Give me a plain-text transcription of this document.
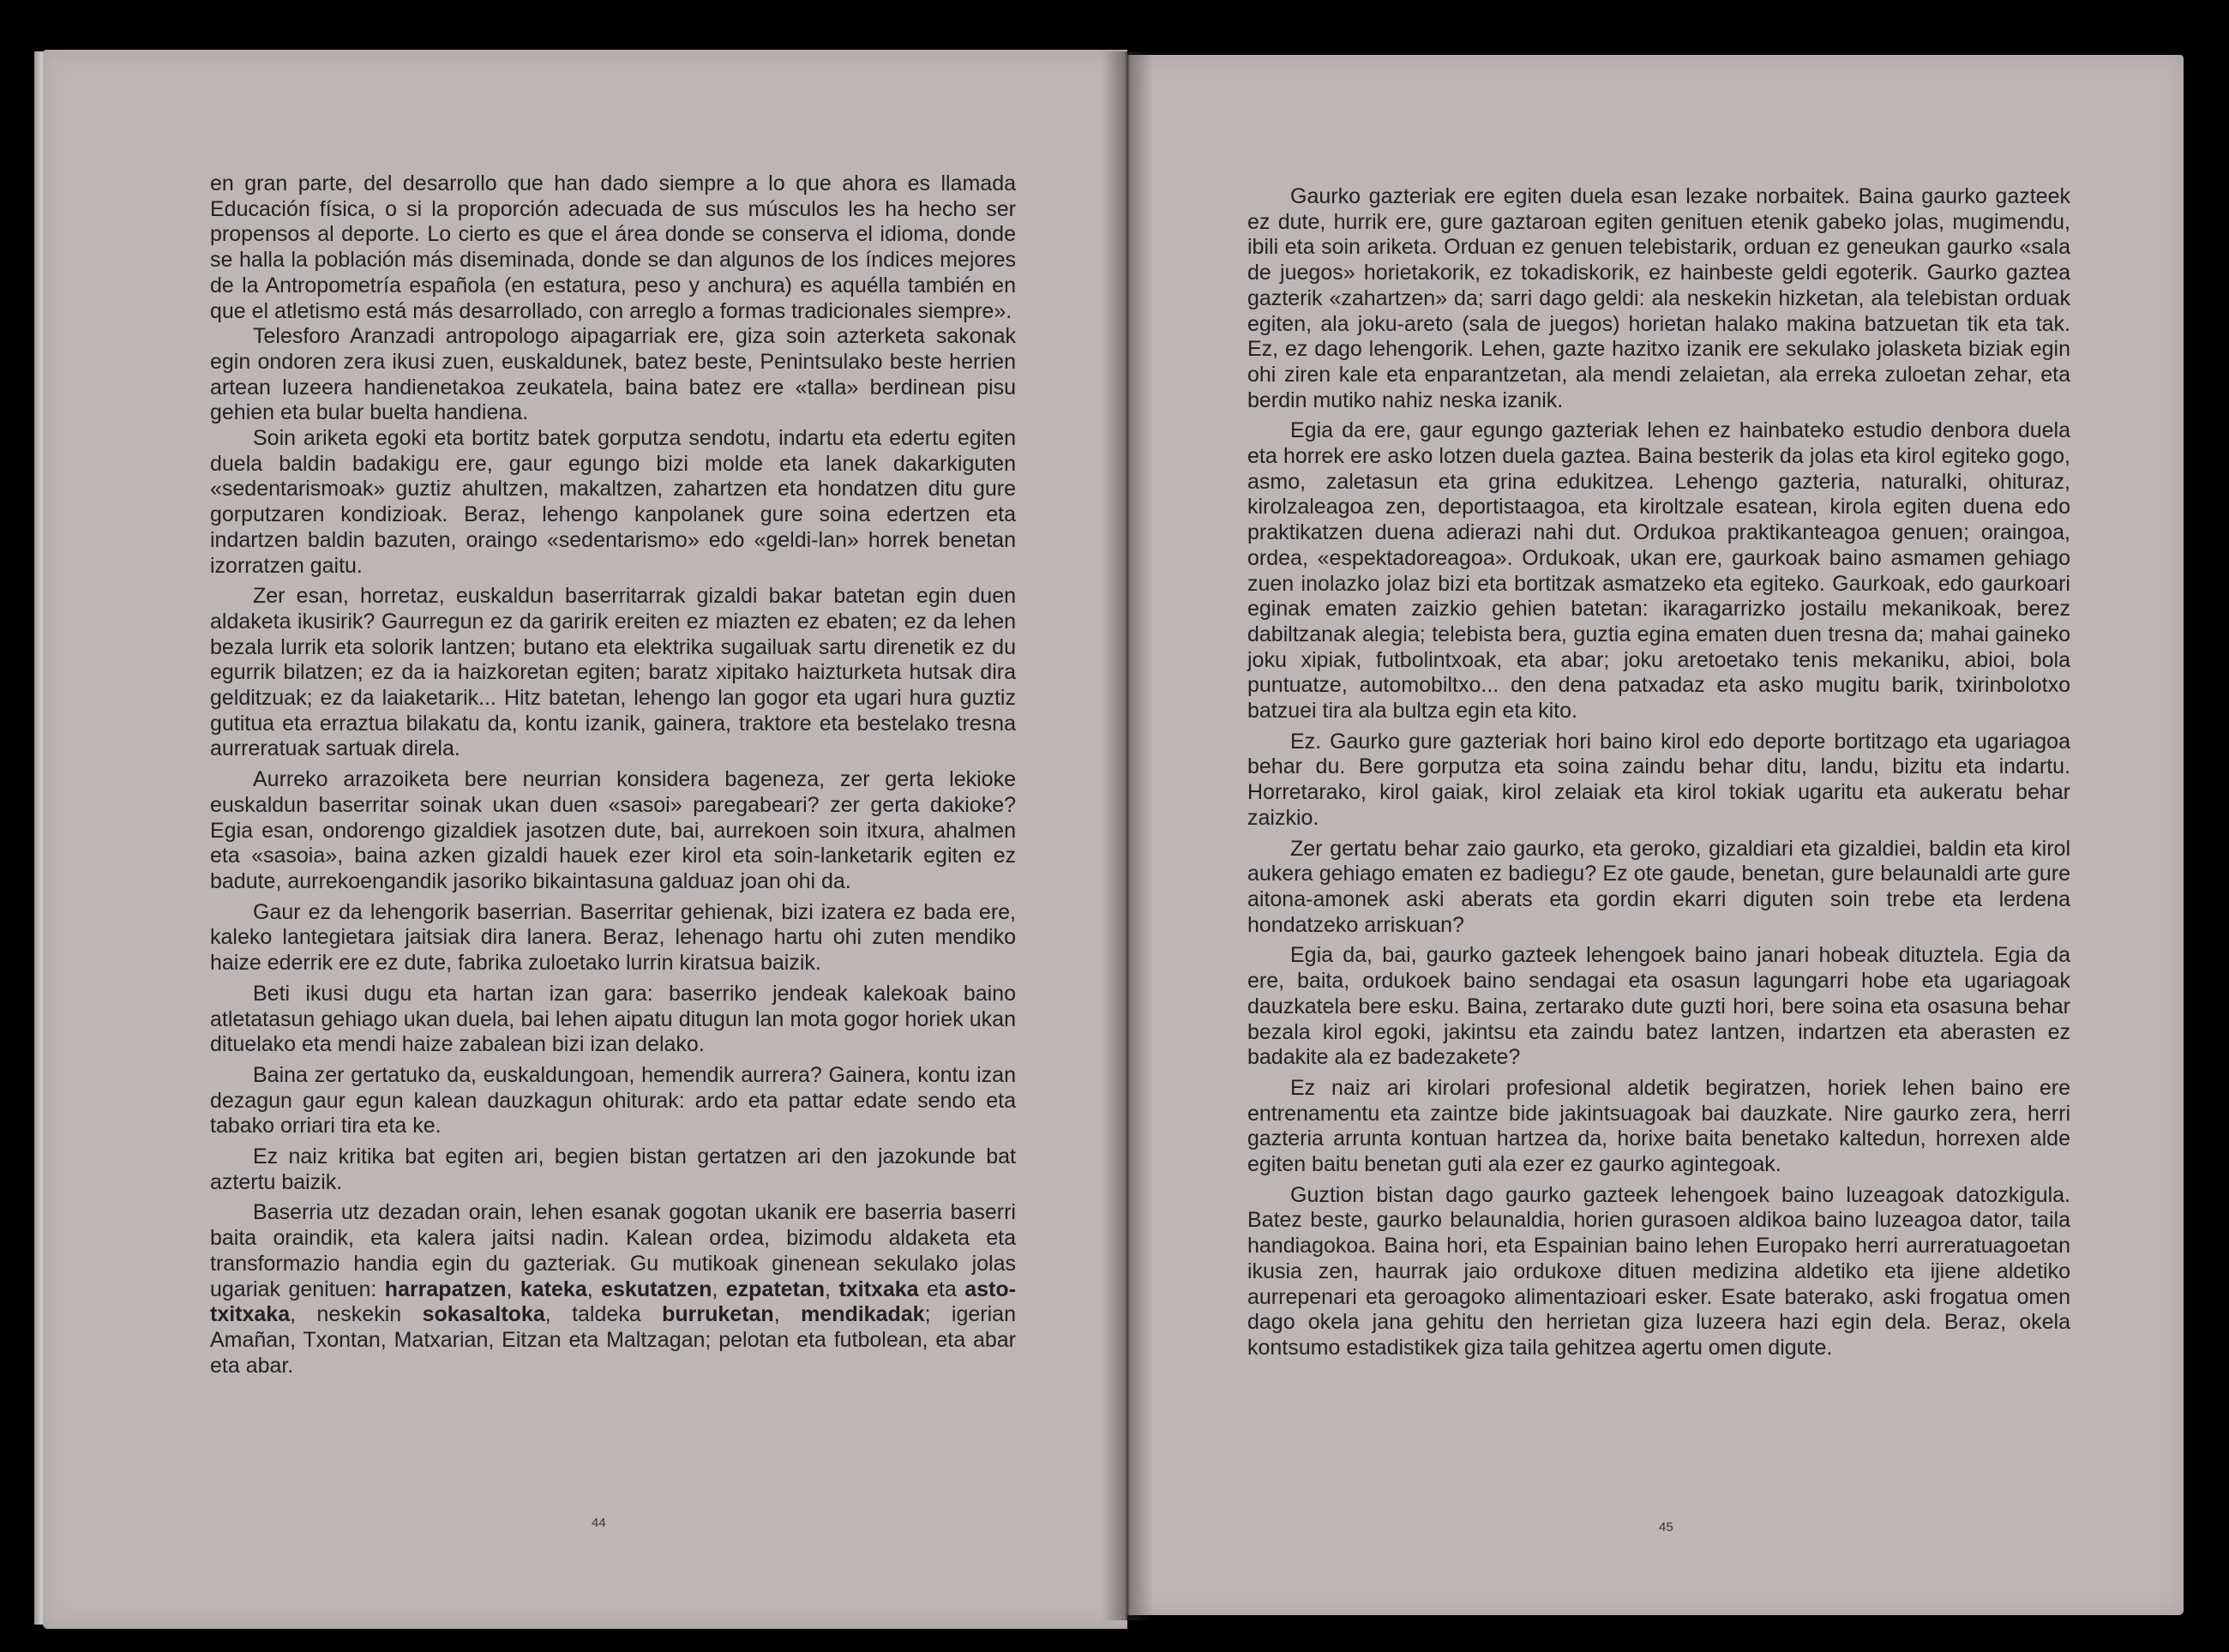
en gran parte, del desarrollo que han dado siempre a lo que ahora es llamada Educación física, o si la proporción adecuada de sus músculos les ha hecho ser propensos al deporte. Lo cierto es que el área donde se conserva el idioma, donde se halla la población más diseminada, donde se dan algunos de los índices mejores de la Antropometría española (en estatura, peso y anchura) es aquélla también en que el atletismo está más desarrollado, con arreglo a formas tradicionales siempre».

Telesforo Aranzadi antropologo aipagarriak ere, giza soin azterketa sakonak egin ondoren zera ikusi zuen, euskaldunek, batez beste, Penintsulako beste herrien artean luzeera handienetakoa zeukatela, baina batez ere «talla» berdinean pisu gehien eta bular buelta handiena.

Soin ariketa egoki eta bortitz batek gorputza sendotu, indartu eta edertu egiten duela baldin badakigu ere, gaur egungo bizi molde eta lanek dakarkiguten «sedentarismoak» guztiz ahultzen, makaltzen, zahartzen eta hondatzen ditu gure gorputzaren kondizioak. Beraz, lehengo kanpolanek gure soina edertzen eta indartzen baldin bazuten, oraingo «sedentarismo» edo «geldi-lan» horrek benetan izorratzen gaitu.

Zer esan, horretaz, euskaldun baserritarrak gizaldi bakar batetan egin duen aldaketa ikusirik? Gaurregun ez da garirik ereiten ez miazten ez ebaten; ez da lehen bezala lurrik eta solorik lantzen; butano eta elektrika sugailuak sartu direnetik ez du egurrik bilatzen; ez da ia haizkoretan egiten; baratz xipitako haizturketa hutsak dira gelditzuak; ez da laiaketarik... Hitz batetan, lehengo lan gogor eta ugari hura guztiz gutitua eta erraztua bilakatu da, kontu izanik, gainera, traktore eta bestelako tresna aurreratuak sartuak direla.

Aurreko arrazoiketa bere neurrian konsidera bageneza, zer gerta lekioke euskaldun baserritar soinak ukan duen «sasoi» paregabeari? zer gerta dakioke? Egia esan, ondorengo gizaldiek jasotzen dute, bai, aurrekoen soin itxura, ahalmen eta «sasoia», baina azken gizaldi hauek ezer kirol eta soin-lanketarik egiten ez badute, aurrekoengandik jasoriko bikaintasuna galduaz joan ohi da.

Gaur ez da lehengorik baserrian. Baserritar gehienak, bizi izatera ez bada ere, kaleko lantegietara jaitsiak dira lanera. Beraz, lehenago hartu ohi zuten mendiko haize ederrik ere ez dute, fabrika zuloetako lurrin kiratsua baizik.

Beti ikusi dugu eta hartan izan gara: baserriko jendeak kalekoak baino atletatasun gehiago ukan duela, bai lehen aipatu ditugun lan mota gogor horiek ukan dituelako eta mendi haize zabalean bizi izan delako.

Baina zer gertatuko da, euskaldungoan, hemendik aurrera? Gainera, kontu izan dezagun gaur egun kalean dauzkagun ohiturak: ardo eta pattar edate sendo eta tabako orriari tira eta ke.

Ez naiz kritika bat egiten ari, begien bistan gertatzen ari den jazokunde bat aztertu baizik.

Baserria utz dezadan orain, lehen esanak gogotan ukanik ere baserria baserri baita oraindik, eta kalera jaitsi nadin. Kalean ordea, bizimodu aldaketa eta transformazio handia egin du gazteriak. Gu mutikoak ginenean sekulako jolas ugariak genituen: harrapatzen, kateka, eskutatzen, ezpatetan, txitxaka eta asto-txitxaka, neskekin sokasaltoka, taldeka burruketan, mendikadak; igerian Amañan, Txontan, Matxarian, Eitzan eta Maltzagan; pelotan eta futbolean, eta abar eta abar.

44

Gaurko gazteriak ere egiten duela esan lezake norbaitek. Baina gaurko gazteek ez dute, hurrik ere, gure gaztaroan egiten genituen etenik gabeko jolas, mugimendu, ibili eta soin ariketa. Orduan ez genuen telebistarik, orduan ez geneukan gaurko «sala de juegos» horietakorik, ez tokadiskorik, ez hainbeste geldi egoterik. Gaurko gaztea gazterik «zahartzen» da; sarri dago geldi: ala neskekin hizketan, ala telebistan orduak egiten, ala joku-areto (sala de juegos) horietan halako makina batzuetan tik eta tak. Ez, ez dago lehengorik. Lehen, gazte hazitxo izanik ere sekulako jolasketa biziak egin ohi ziren kale eta enparantzetan, ala mendi zelaietan, ala erreka zuloetan zehar, eta berdin mutiko nahiz neska izanik.

Egia da ere, gaur egungo gazteriak lehen ez hainbateko estudio denbora duela eta horrek ere asko lotzen duela gaztea. Baina besterik da jolas eta kirol egiteko gogo, asmo, zaletasun eta grina edukitzea. Lehengo gazteria, naturalki, ohituraz, kirolzaleagoa zen, deportistaagoa, eta kiroltzale esatean, kirola egiten duena edo praktikatzen duena adierazi nahi dut. Ordukoa praktikanteagoa genuen; oraingoa, ordea, «espektadoreagoa». Ordukoak, ukan ere, gaurkoak baino asmamen gehiago zuen inolazko jolaz bizi eta bortitzak asmatzeko eta egiteko. Gaurkoak, edo gaurkoari eginak ematen zaizkio gehien batetan: ikaragarrizko jostailu mekanikoak, berez dabiltzanak alegia; telebista bera, guztia egina ematen duen tresna da; mahai gaineko joku xipiak, futbolintxoak, eta abar; joku aretoetako tenis mekaniku, abioi, bola puntuatze, automobiltxo... den dena patxadaz eta asko mugitu barik, txirinbolotxo batzuei tira ala bultza egin eta kito.

Ez. Gaurko gure gazteriak hori baino kirol edo deporte bortitzago eta ugariagoa behar du. Bere gorputza eta soina zaindu behar ditu, landu, bizitu eta indartu. Horretarako, kirol gaiak, kirol zelaiak eta kirol tokiak ugaritu eta aukeratu behar zaizkio.

Zer gertatu behar zaio gaurko, eta geroko, gizaldiari eta gizaldiei, baldin eta kirol aukera gehiago ematen ez badiegu? Ez ote gaude, benetan, gure belaunaldi arte gure aitona-amonek aski aberats eta gordin ekarri diguten soin trebe eta lerdena hondatzeko arriskuan?

Egia da, bai, gaurko gazteek lehengoek baino janari hobeak dituztela. Egia da ere, baita, ordukoek baino sendagai eta osasun lagungarri hobe eta ugariagoak dauzkatela bere esku. Baina, zertarako dute guzti hori, bere soina eta osasuna behar bezala kirol egoki, jakintsu eta zaindu batez lantzen, indartzen eta aberasten ez badakite ala ez badezakete?

Ez naiz ari kirolari profesional aldetik begiratzen, horiek lehen baino ere entrenamentu eta zaintze bide jakintsuagoak bai dauzkate. Nire gaurko zera, herri gazteria arrunta kontuan hartzea da, horixe baita benetako kaltedun, horrexen alde egiten baitu benetan guti ala ezer ez gaurko agintegoak.

Guztion bistan dago gaurko gazteek lehengoek baino luzeagoak datozkigula. Batez beste, gaurko belaunaldia, horien gurasoen aldikoa baino luzeagoa dator, taila handiagokoa. Baina hori, eta Espainian baino lehen Europako herri aurreratuagoetan ikusia zen, haurrak jaio ordukoxe dituen medizina aldetiko eta ijiene aldetiko aurrepenari eta geroagoko alimentazioari esker. Esate baterako, aski frogatua omen dago okela jana gehitu den herrietan giza luzeera hazi egin dela. Beraz, okela kontsumo estadistikek giza taila gehitzea agertu omen digute.

45
